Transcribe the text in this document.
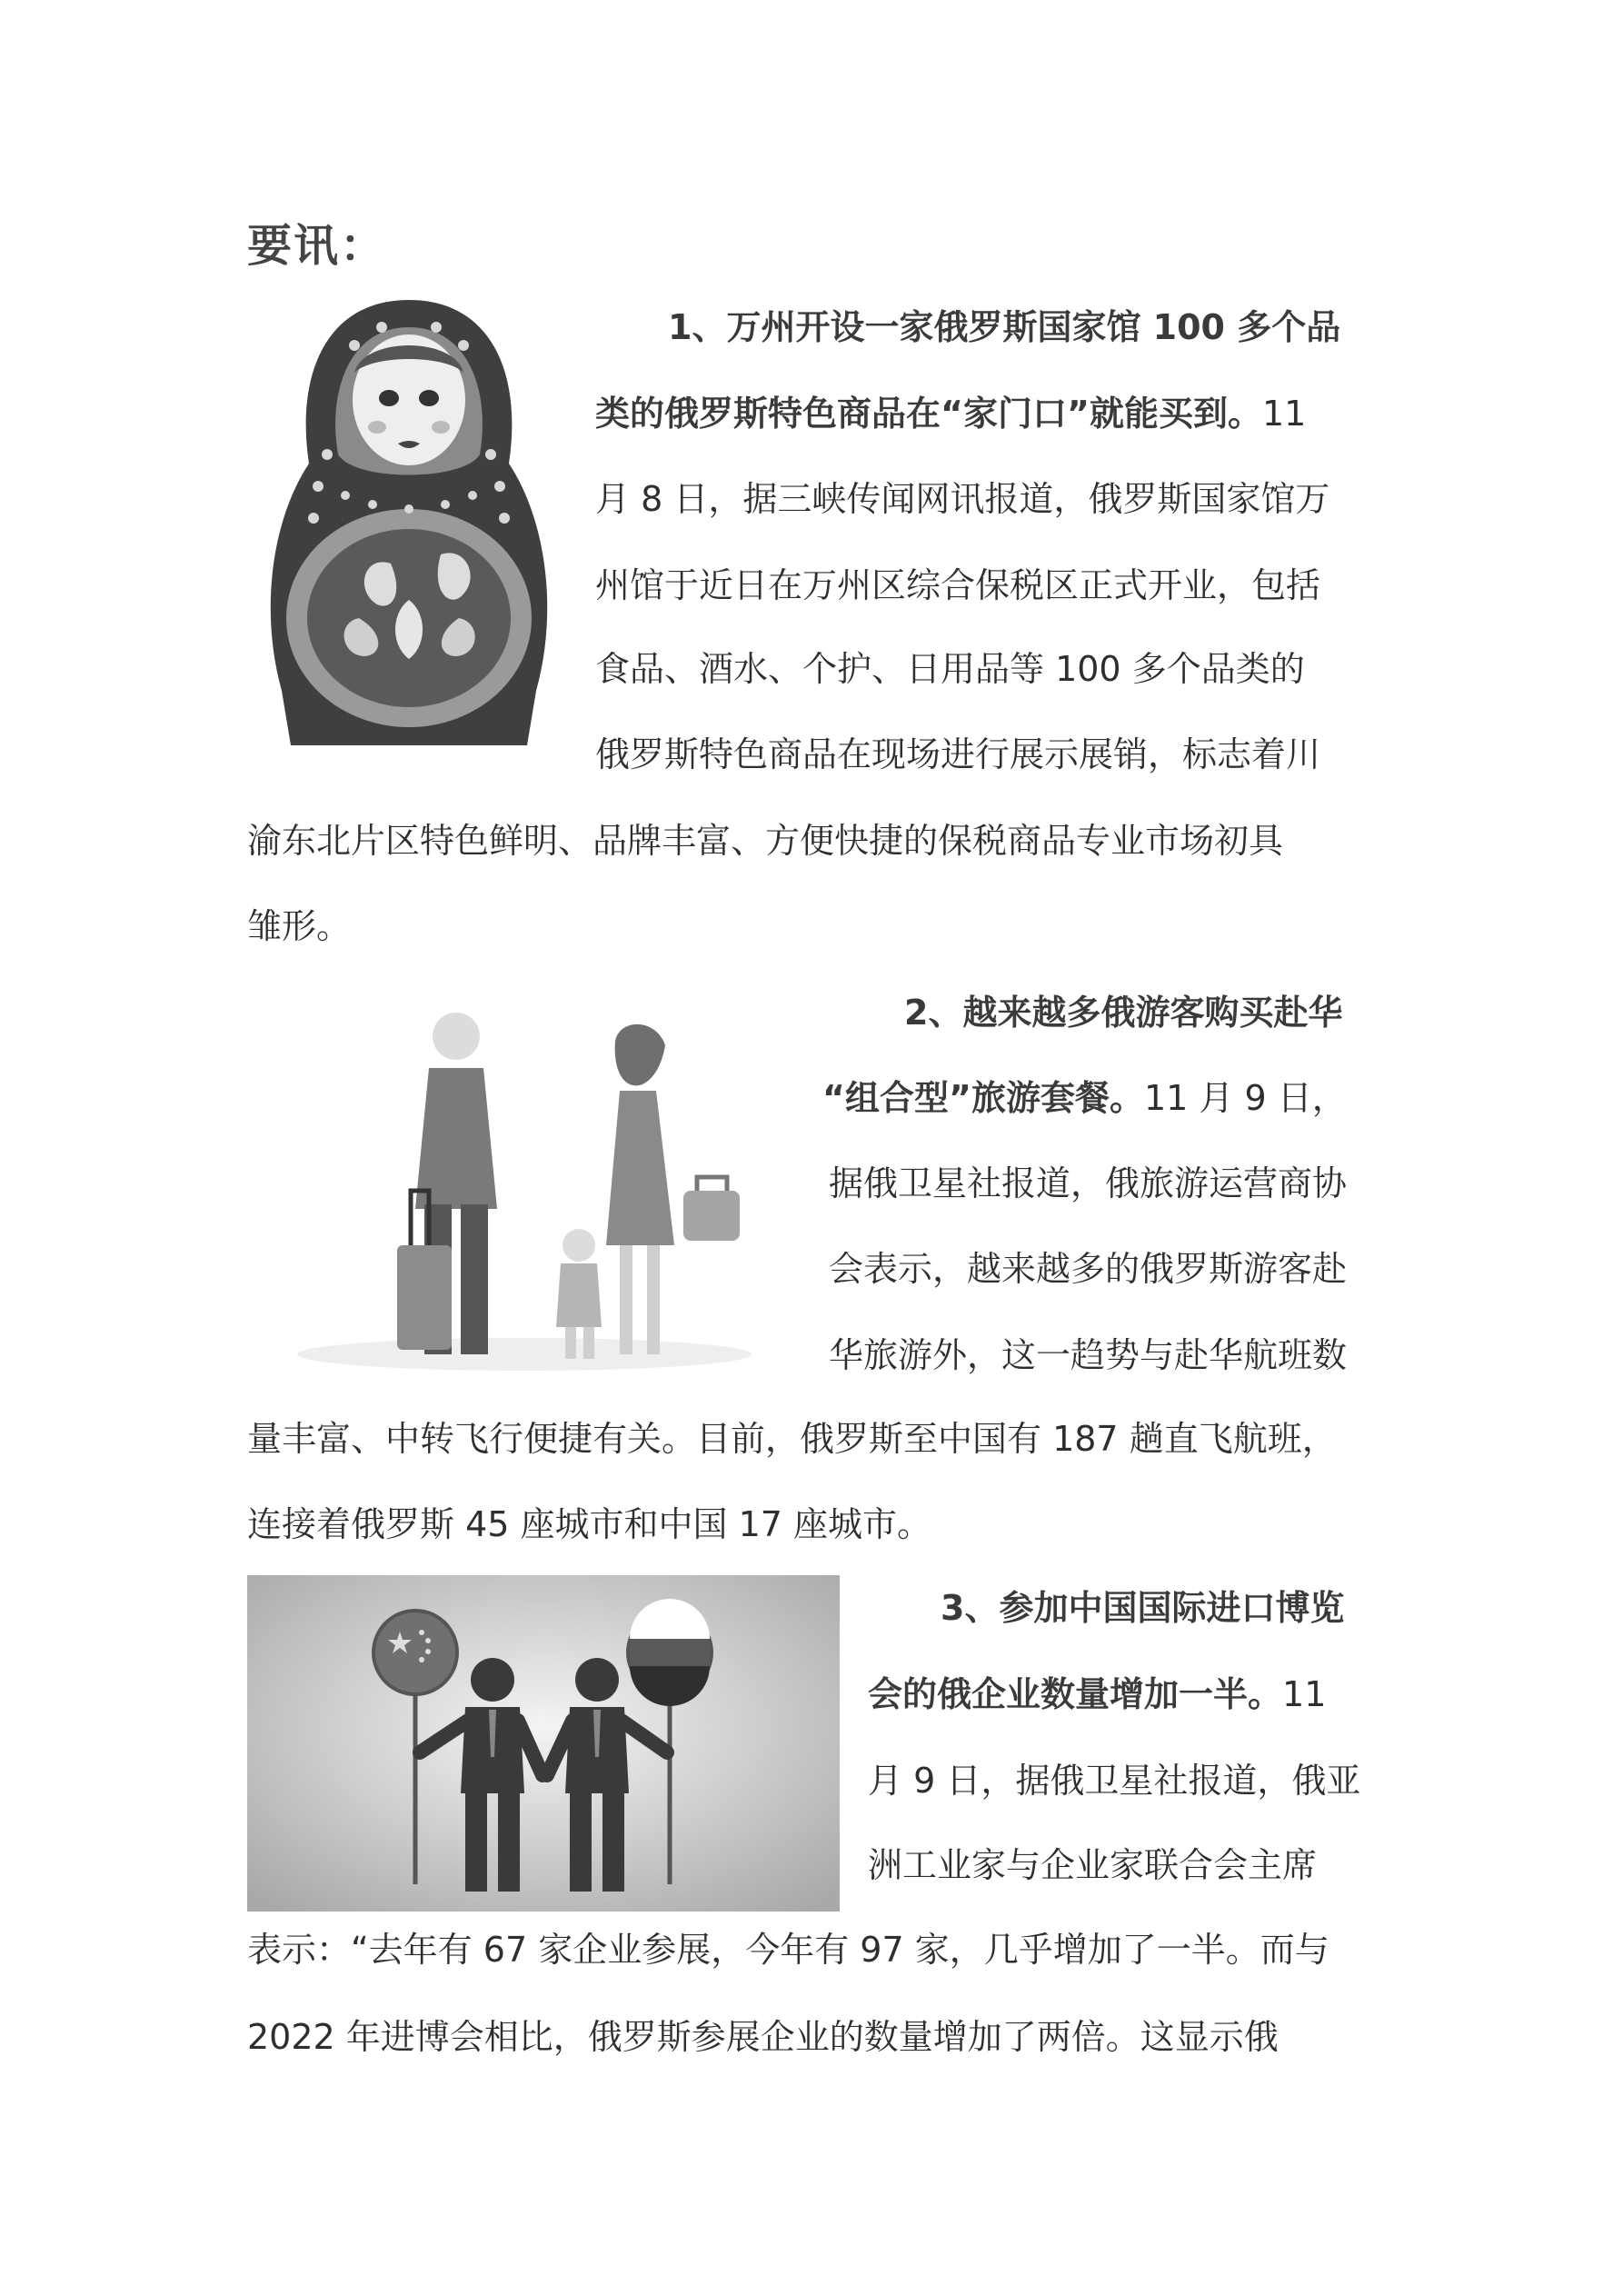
要讯：
1、万州开设一家俄罗斯国家馆 100 多个品
类的俄罗斯特色商品在“家门口”就能买到。11
月 8 日，据三峡传闻网讯报道，俄罗斯国家馆万
州馆于近日在万州区综合保税区正式开业，包括
食品、酒水、个护、日用品等 100 多个品类的
俄罗斯特色商品在现场进行展示展销，标志着川
渝东北片区特色鲜明、品牌丰富、方便快捷的保税商品专业市场初具
雏形。
2、越来越多俄游客购买赴华
“组合型”旅游套餐。11 月 9 日，
据俄卫星社报道，俄旅游运营商协
会表示，越来越多的俄罗斯游客赴
华旅游外，这一趋势与赴华航班数
量丰富、中转飞行便捷有关。目前，俄罗斯至中国有 187 趟直飞航班，
连接着俄罗斯 45 座城市和中国 17 座城市。
3、参加中国国际进口博览
会的俄企业数量增加一半。11
月 9 日，据俄卫星社报道，俄亚
洲工业家与企业家联合会主席
表示：“去年有 67 家企业参展，今年有 97 家，几乎增加了一半。而与
2022 年进博会相比，俄罗斯参展企业的数量增加了两倍。这显示俄
